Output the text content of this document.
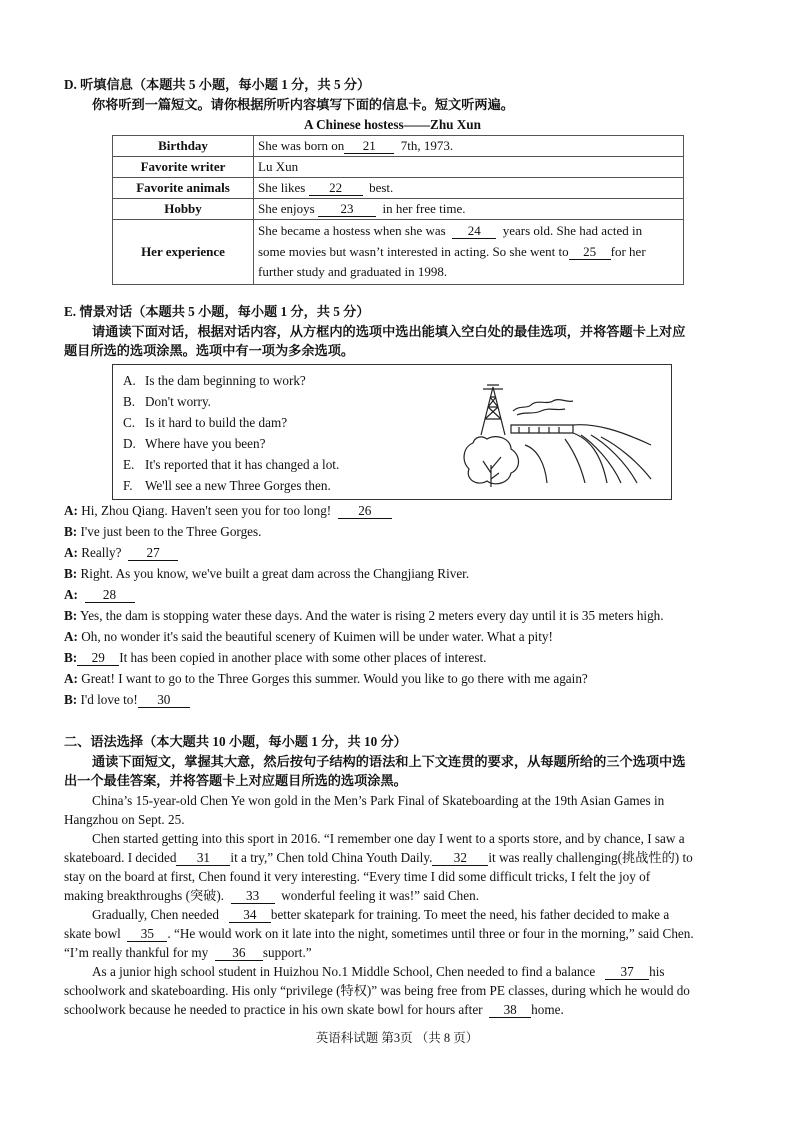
D. 听填信息（本题共 5 小题，每小题 1 分，共 5 分）
你将听到一篇短文。请你根据所听内容填写下面的信息卡。短文听两遍。
A Chinese hostess——Zhu Xun
Birthday	She was born on 21 7th, 1973.
Favorite writer	Lu Xun
Favorite animals	She likes 22 best.
Hobby	She enjoys 23 in her free time.
Her experience	She became a hostess when she was 24 years old. She had acted in
some movies but wasn’t interested in acting. So she went to 25 for her
further study and graduated in 1998.
E. 情景对话（本题共 5 小题，每小题 1 分，共 5 分）
请通读下面对话，根据对话内容，从方框内的选项中选出能填入空白处的最佳选项，并将答题卡上对应
题目所选的选项涂黑。选项中有一项为多余选项。
A. Is the dam beginning to work?
B. Don't worry.
C. Is it hard to build the dam?
D. Where have you been?
E. It's reported that it has changed a lot.
F. We'll see a new Three Gorges then.
A: Hi, Zhou Qiang. Haven't seen you for too long! 26
B: I've just been to the Three Gorges.
A: Really? 27
B: Right. As you know, we've built a great dam across the Changjiang River.
A: 28
B: Yes, the dam is stopping water these days. And the water is rising 2 meters every day until it is 35 meters high.
A: Oh, no wonder it's said the beautiful scenery of Kuimen will be under water. What a pity!
B: 29 It has been copied in another place with some other places of interest.
A: Great! I want to go to the Three Gorges this summer. Would you like to go there with me again?
B: I'd love to! 30
二、语法选择（本大题共 10 小题，每小题 1 分，共 10 分）
通读下面短文，掌握其大意，然后按句子结构的语法和上下文连贯的要求，从每题所给的三个选项中选
出一个最佳答案，并将答题卡上对应题目所选的选项涂黑。
China’s 15-year-old Chen Ye won gold in the Men’s Park Final of Skateboarding at the 19th Asian Games in
Hangzhou on Sept. 25.
Chen started getting into this sport in 2016. “I remember one day I went to a sports store, and by chance, I saw a
skateboard. I decided 31 it a try,” Chen told China Youth Daily. 32 it was really challenging(挑战性的) to
stay on the board at first, Chen found it very interesting. “Every time I did some difficult tricks, I felt the joy of
making breakthroughs (突破). 33 wonderful feeling it was!” said Chen.
Gradually, Chen needed 34 better skatepark for training. To meet the need, his father decided to make a
skate bowl 35 . “He would work on it late into the night, sometimes until three or four in the morning,” said Chen.
“I’m really thankful for my 36 support.”
As a junior high school student in Huizhou No.1 Middle School, Chen needed to find a balance 37 his
schoolwork and skateboarding. His only “privilege (特权)” was being free from PE classes, during which he would do
schoolwork because he needed to practice in his own skate bowl for hours after 38 home.
英语科试题 第3页 （共 8 页）
